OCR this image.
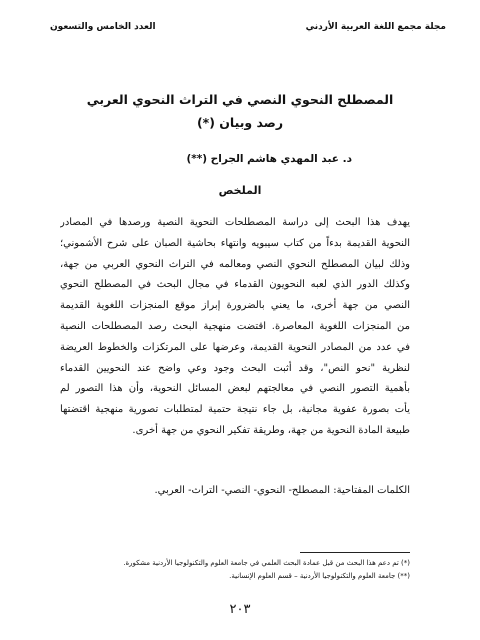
مجلة مجمع اللغة العربية الأردني
العدد الخامس والتسعون
المصطلح النحوي النصي في التراث النحوي العربي
رصد وبيان (*)
د. عبد المهدي هاشم الجراح (**)
الملخص
يهدف هذا البحث إلى دراسة المصطلحات النحوية النصية ورصدها في المصادر
النحوية القديمة بدءاً من كتاب سيبويه وانتهاء بحاشية الصبان على شرح الأشموني؛
وذلك لبيان المصطلح النحوي النصي ومعالمه في التراث النحوي العربي من جهة،
وكذلك الدور الذي لعبه النحويون القدماء في مجال البحث في المصطلح النحوي
النصي من جهة أخرى، ما يعني بالضرورة إبراز موقع المنجزات اللغوية القديمة
من المنجزات اللغوية المعاصرة. اقتضت منهجية البحث رصد المصطلحات النصية
في عدد من المصادر النحوية القديمة، وعرضها على المرتكزات والخطوط العريضة
لنظرية "نحو النص"، وقد أثبت البحث وجود وعي واضح عند النحويين القدماء
بأهمية التصور النصي في معالجتهم لبعض المسائل النحوية، وأن هذا التصور لم
يأت بصورة عفوية مجانية، بل جاء نتيجة حتمية لمتطلبات تصورية منهجية اقتضتها
طبيعة المادة النحوية من جهة، وطريقة تفكير النحوي من جهة أخرى.
الكلمات المفتاحية: المصطلح- النحوي- النصي- التراث- العربي.
(*) تم دعم هذا البحث من قبل عمادة البحث العلمي في جامعة العلوم والتكنولوجيا الأردنية مشكورة.
(**) جامعة العلوم والتكنولوجيا الأردنية – قسم العلوم الإنسانية.
٢٠٣
